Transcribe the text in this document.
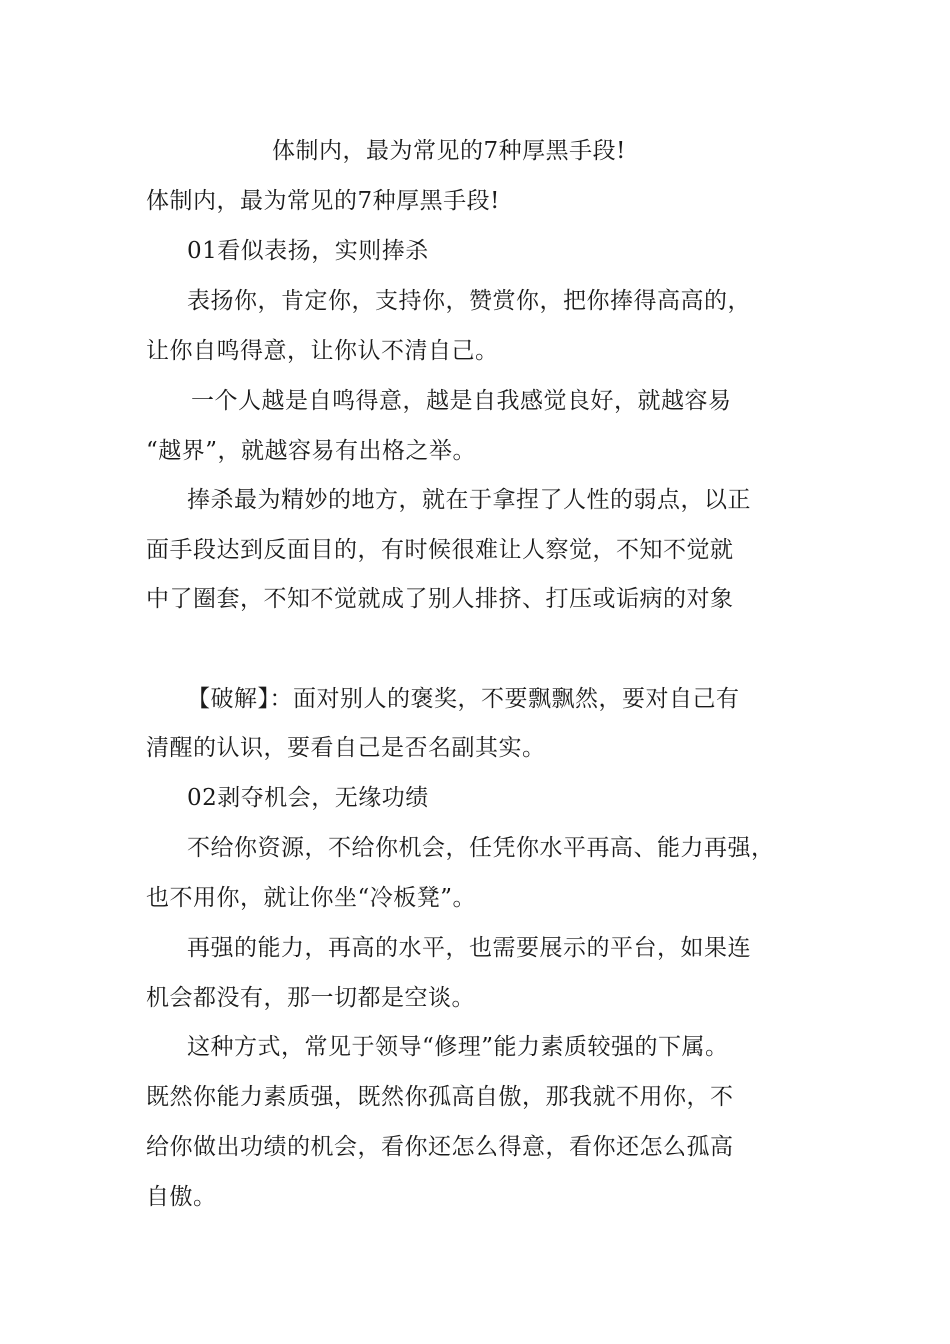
体制内，最为常见的7种厚黑手段!

体制内，最为常见的7种厚黑手段!

01看似表扬，实则捧杀

表扬你，肯定你，支持你，赞赏你，把你捧得高高的，

让你自鸣得意，让你认不清自己。

一个人越是自鸣得意，越是自我感觉良好，就越容易

“越界”，就越容易有出格之举。

捧杀最为精妙的地方，就在于拿捏了人性的弱点，以正

面手段达到反面目的，有时候很难让人察觉，不知不觉就

中了圈套，不知不觉就成了别人排挤、打压或诟病的对象

【破解】：面对别人的褒奖，不要飘飘然，要对自己有

清醒的认识，要看自己是否名副其实。

02剥夺机会，无缘功绩

不给你资源，不给你机会，任凭你水平再高、能力再强，

也不用你，就让你坐“冷板凳”。

再强的能力，再高的水平，也需要展示的平台，如果连

机会都没有，那一切都是空谈。

这种方式，常见于领导“修理”能力素质较强的下属。

既然你能力素质强，既然你孤高自傲，那我就不用你，不

给你做出功绩的机会，看你还怎么得意，看你还怎么孤高

自傲。
